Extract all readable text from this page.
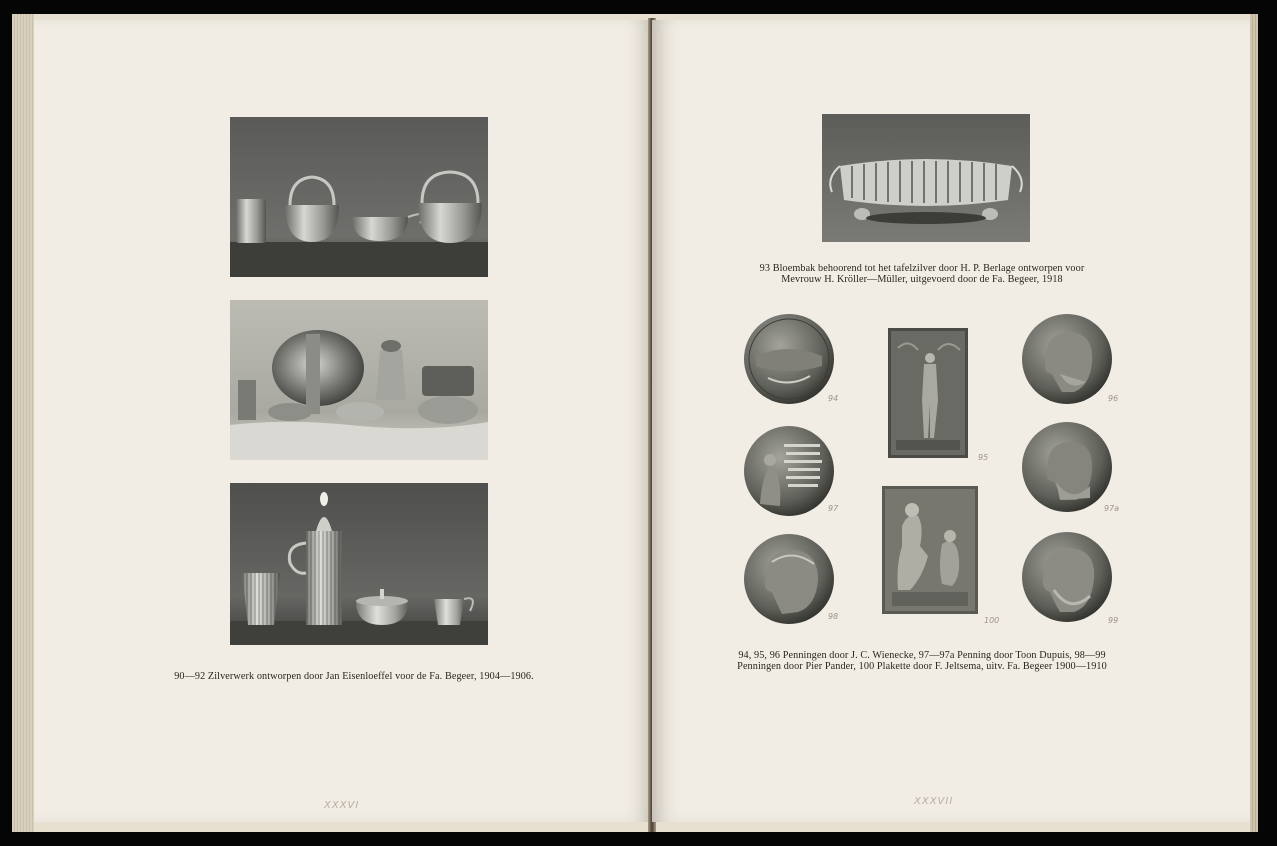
90—92 Zilverwerk ontworpen door Jan Eisenloeffel voor de Fa. Begeer, 1904—1906.
XXXVI
93 Bloembak behoorend tot het tafelzilver door H. P. Berlage ontworpen voor
Mevrouw H. Kröller—Müller, uitgevoerd door de Fa. Begeer, 1918
94
95
96
97	97a
98	100	99
94, 95, 96 Penningen door J. C. Wienecke, 97—97a Penning door Toon Dupuis, 98—99
Penningen door Pier Pander, 100 Plakette door F. Jeltsema, uitv. Fa. Begeer 1900—1910
XXXVII
